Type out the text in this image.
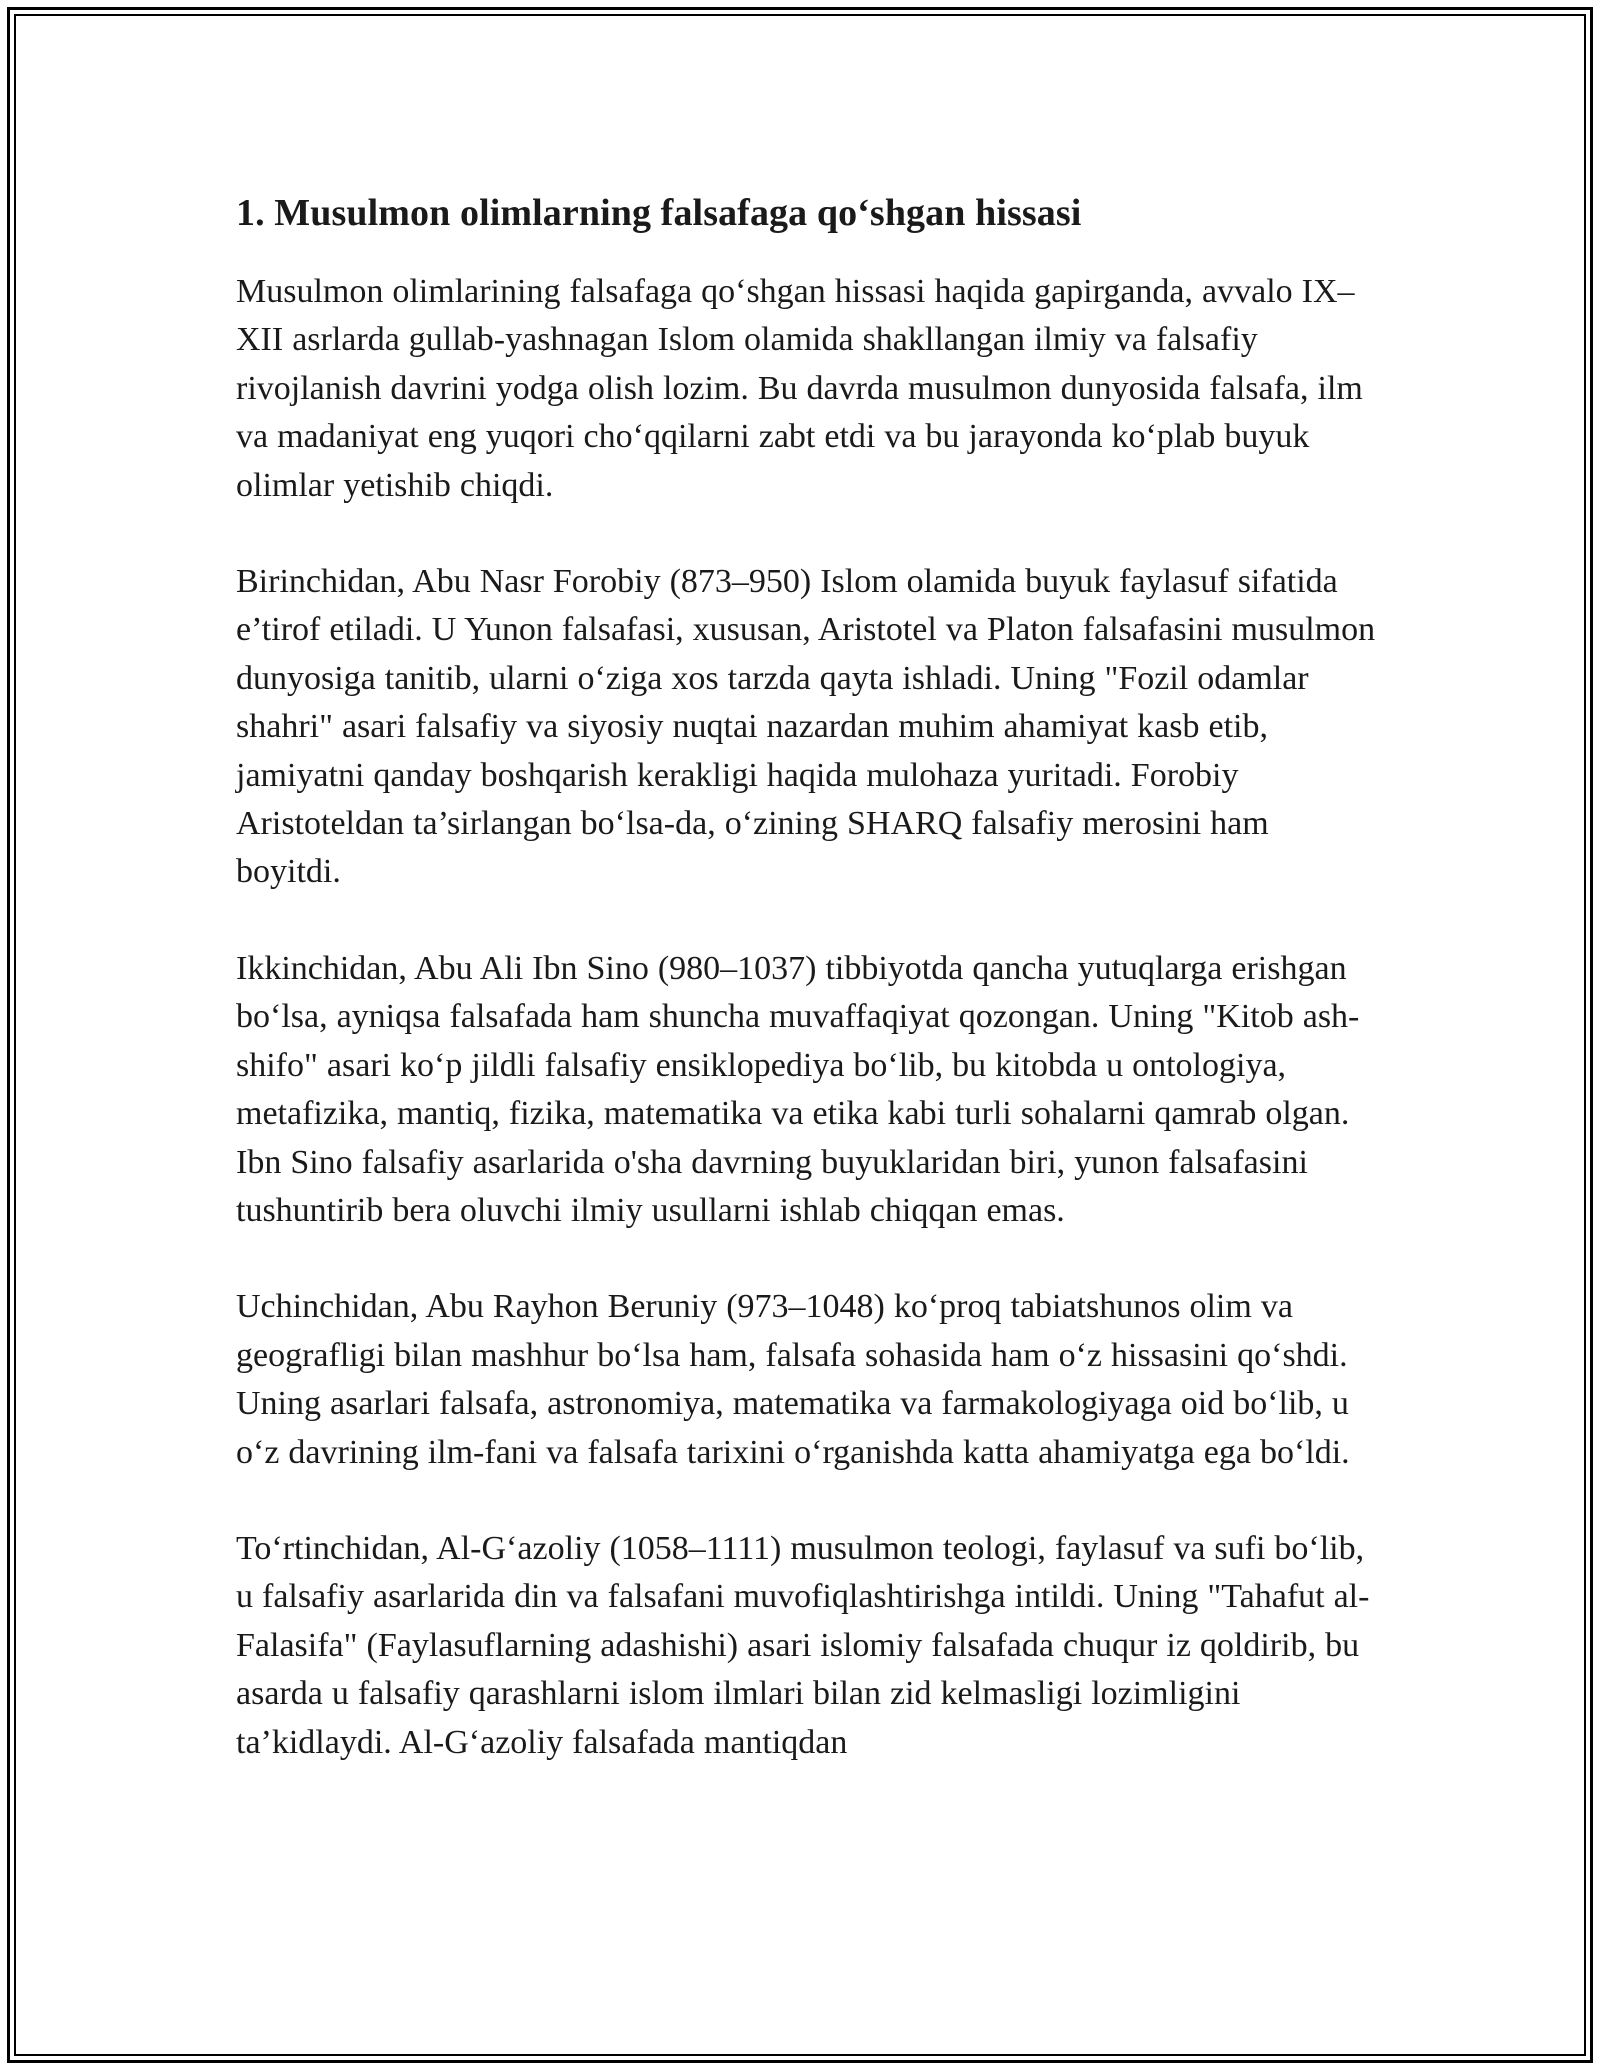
1. Musulmon olimlarning falsafaga qo‘shgan hissasi

Musulmon olimlarining falsafaga qo‘shgan hissasi haqida gapirganda, avvalo IX–XII asrlarda gullab-yashnagan Islom olamida shakllangan ilmiy va falsafiy rivojlanish davrini yodga olish lozim. Bu davrda musulmon dunyosida falsafa, ilm va madaniyat eng yuqori cho‘qqilarni zabt etdi va bu jarayonda ko‘plab buyuk olimlar yetishib chiqdi.

Birinchidan, Abu Nasr Forobiy (873–950) Islom olamida buyuk faylasuf sifatida e’tirof etiladi. U Yunon falsafasi, xususan, Aristotel va Platon falsafasini musulmon dunyosiga tanitib, ularni o‘ziga xos tarzda qayta ishladi. Uning "Fozil odamlar shahri" asari falsafiy va siyosiy nuqtai nazardan muhim ahamiyat kasb etib, jamiyatni qanday boshqarish kerakligi haqida mulohaza yuritadi. Forobiy Aristoteldan ta’sirlangan bo‘lsa-da, o‘zining SHARQ falsafiy merosini ham boyitdi.

Ikkinchidan, Abu Ali Ibn Sino (980–1037) tibbiyotda qancha yutuqlarga erishgan bo‘lsa, ayniqsa falsafada ham shuncha muvaffaqiyat qozongan. Uning "Kitob ash-shifo" asari ko‘p jildli falsafiy ensiklopediya bo‘lib, bu kitobda u ontologiya, metafizika, mantiq, fizika, matematika va etika kabi turli sohalarni qamrab olgan. Ibn Sino falsafiy asarlarida o'sha davrning buyuklaridan biri, yunon falsafasini tushuntirib bera oluvchi ilmiy usullarni ishlab chiqqan emas.

Uchinchidan, Abu Rayhon Beruniy (973–1048) ko‘proq tabiatshunos olim va geografligi bilan mashhur bo‘lsa ham, falsafa sohasida ham o‘z hissasini qo‘shdi. Uning asarlari falsafa, astronomiya, matematika va farmakologiyaga oid bo‘lib, u o‘z davrining ilm-fani va falsafa tarixini o‘rganishda katta ahamiyatga ega bo‘ldi.

To‘rtinchidan, Al-G‘azoliy (1058–1111) musulmon teologi, faylasuf va sufi bo‘lib, u falsafiy asarlarida din va falsafani muvofiqlashtirishga intildi. Uning "Tahafut al-Falasifa" (Faylasuflarning adashishi) asari islomiy falsafada chuqur iz qoldirib, bu asarda u falsafiy qarashlarni islom ilmlari bilan zid kelmasligi lozimligini ta’kidlaydi. Al-G‘azoliy falsafada mantiqdan
